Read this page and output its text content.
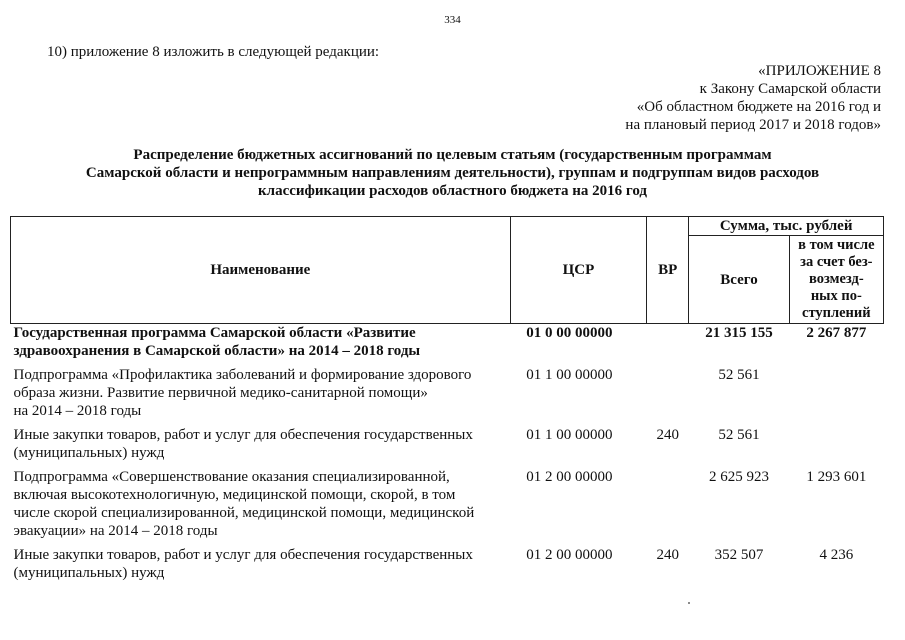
334
10) приложение 8 изложить в следующей редакции:
«ПРИЛОЖЕНИЕ 8
к Закону Самарской области
«Об областном бюджете на 2016 год и
на плановый период 2017 и 2018 годов»
Распределение бюджетных ассигнований по целевым статьям (государственным программам
Самарской области и непрограммным направлениям деятельности), группам и подгруппам видов расходов
классификации расходов областного бюджета на 2016 год
Наименование	ЦСР	ВР	Сумма, тыс. рублей	
			Всего	в том числе
за счет без-
возмезд-
ных по-
ступлений

Государственная программа Самарской области «Развитие
здравоохранения в Самарской области» на 2014 – 2018 годы	01 0 00 00000		21 315 155	2 267 877

Подпрограмма «Профилактика заболеваний и формирование здорового
образа жизни. Развитие первичной медико-санитарной помощи»
на 2014 – 2018 годы	01 1 00 00000		52 561	

Иные закупки товаров, работ и услуг для обеспечения государственных
(муниципальных) нужд	01 1 00 00000	240	52 561	

Подпрограмма «Совершенствование оказания специализированной,
включая высокотехнологичную, медицинской помощи, скорой, в том
числе скорой специализированной, медицинской помощи, медицинской
эвакуации» на 2014 – 2018 годы	01 2 00 00000		2 625 923	1 293 601

Иные закупки товаров, работ и услуг для обеспечения государственных
(муниципальных) нужд	01 2 00 00000	240	352 507	4 236
